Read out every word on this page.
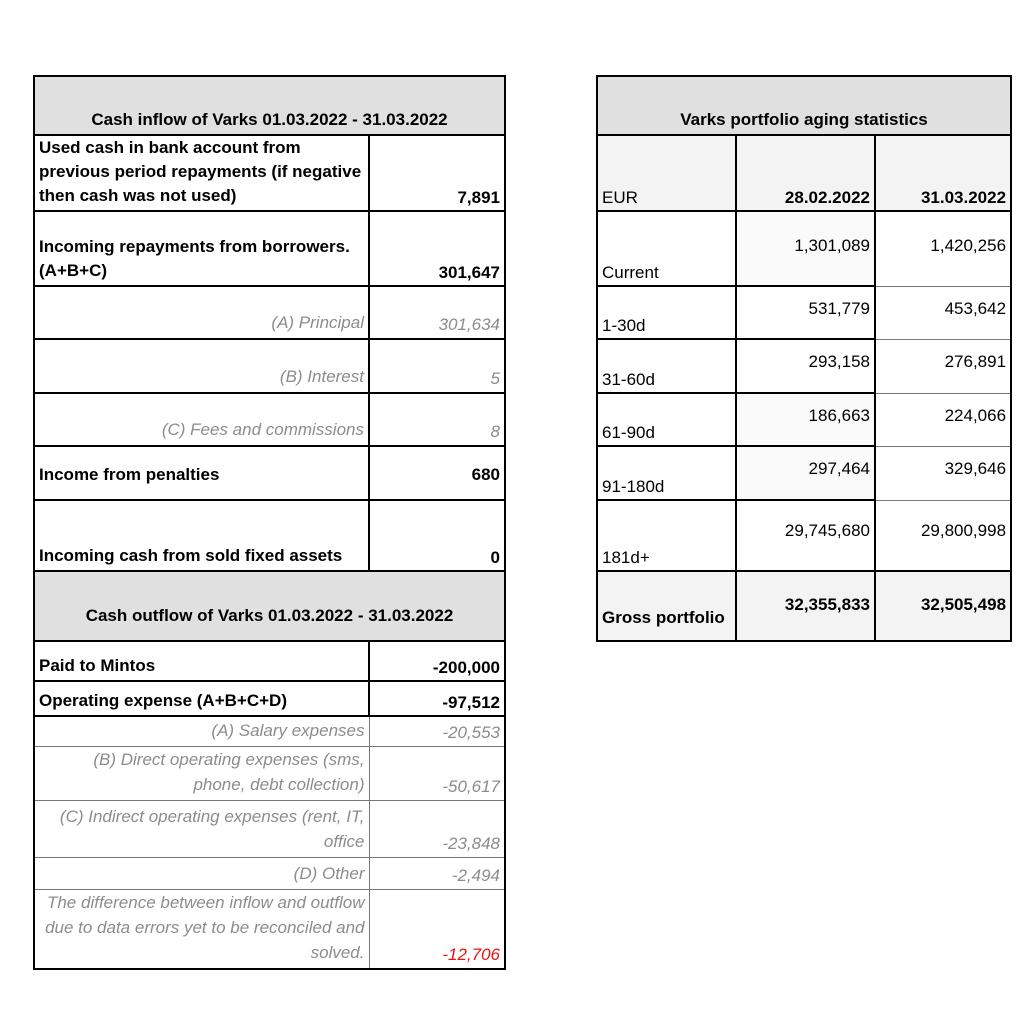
Cash inflow of Varks 01.03.2022 - 31.03.2022	
Used cash in bank account from previous period repayments (if negative then cash was not used)	7,891
Incoming repayments from borrowers. (A+B+C)	301,647
(A) Principal	301,634
(B) Interest	5
(C) Fees and commissions	8
Income from penalties	680
Incoming cash from sold fixed assets	0
Cash outflow of Varks 01.03.2022 - 31.03.2022	
Paid to Mintos	-200,000
Operating expense (A+B+C+D)	-97,512
(A) Salary expenses	-20,553
(B) Direct operating expenses (sms, phone, debt collection)	-50,617
(C) Indirect operating expenses (rent, IT, office	-23,848
(D) Other	-2,494
The difference between inflow and outflow due to data errors yet to be reconciled and solved.	-12,706
Varks portfolio aging statistics		
EUR	28.02.2022	31.03.2022
Current	1,301,089	1,420,256
1-30d	531,779	453,642
31-60d	293,158	276,891
61-90d	186,663	224,066
91-180d	297,464	329,646
181d+	29,745,680	29,800,998
Gross portfolio	32,355,833	32,505,498
